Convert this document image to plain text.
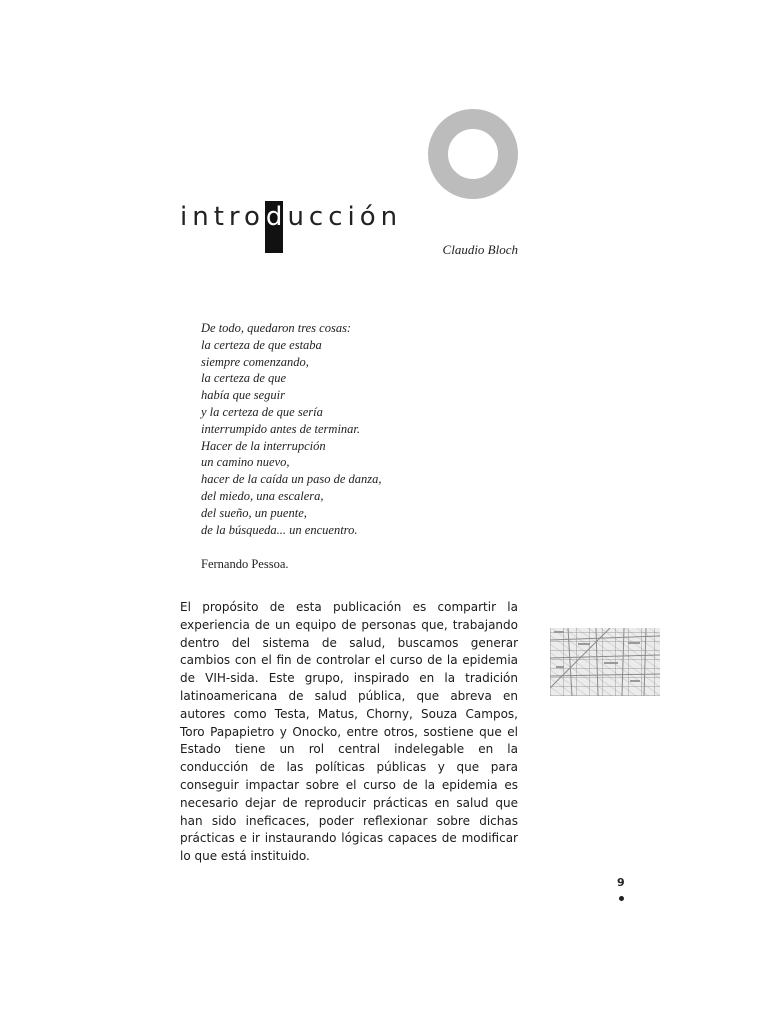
introd ucción
Claudio Bloch
De todo, quedaron tres cosas:
la certeza de que estaba
siempre comenzando,
la certeza de que
había que seguir
y la certeza de que sería
interrumpido antes de terminar.
Hacer de la interrupción
un camino nuevo,
hacer de la caída un paso de danza,
del miedo, una escalera,
del sueño, un puente,
de la búsqueda... un encuentro.
Fernando Pessoa.

El propósito de esta publicación es compartir la experiencia de un equipo de personas que, trabajando dentro del sistema de salud, buscamos generar cambios con el fin de controlar el curso de la epidemia de VIH-sida. Este grupo, inspirado en la tradición latinoamericana de salud pública, que abreva en autores como Testa, Matus, Chorny, Souza Campos, Toro Papapietro y Onocko, entre otros, sostiene que el Estado tiene un rol central indelegable en la conducción de las políticas públicas y que para conseguir impactar sobre el curso de la epidemia es necesario dejar de reproducir prácticas en salud que han sido ineficaces, poder reflexionar sobre dichas prácticas e ir instaurando lógicas capaces de modificar lo que está instituido.

9
